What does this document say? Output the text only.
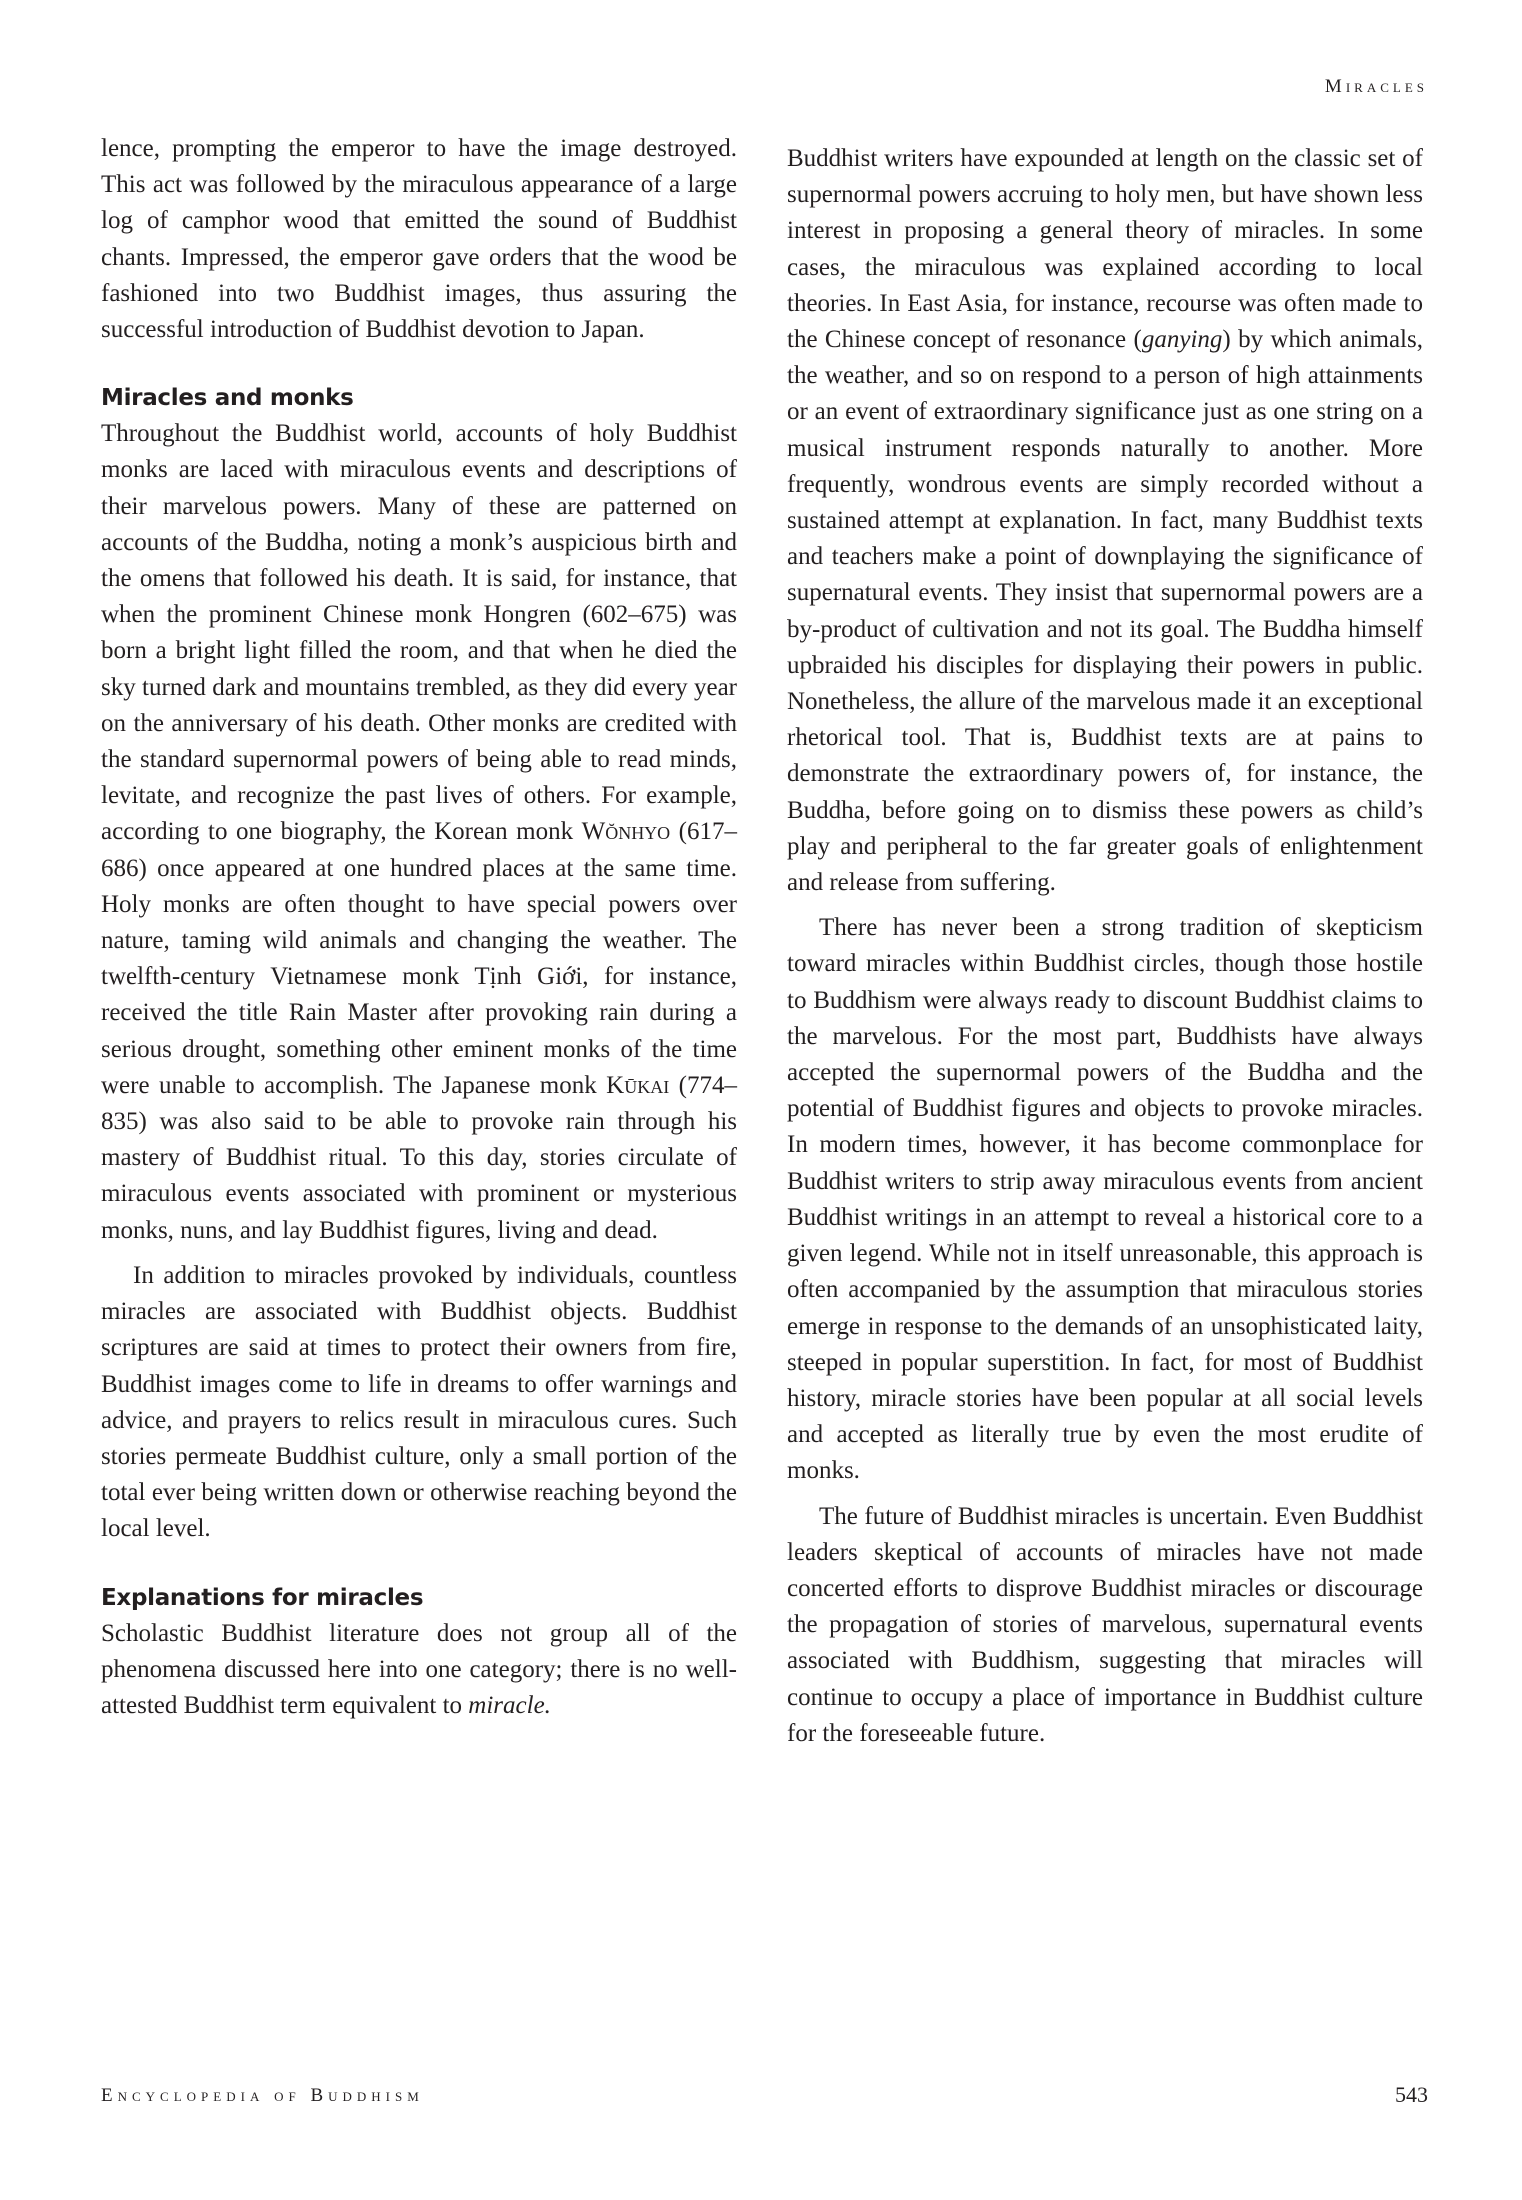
Miracles

lence, prompting the emperor to have the image destroyed. This act was followed by the miraculous appearance of a large log of camphor wood that emitted the sound of Buddhist chants. Impressed, the emperor gave orders that the wood be fashioned into two Buddhist images, thus assuring the successful introduction of Buddhist devotion to Japan.

Miracles and monks

Throughout the Buddhist world, accounts of holy Buddhist monks are laced with miraculous events and descriptions of their marvelous powers. Many of these are patterned on accounts of the Buddha, noting a monk’s auspicious birth and the omens that followed his death. It is said, for instance, that when the prominent Chinese monk Hongren (602–675) was born a bright light filled the room, and that when he died the sky turned dark and mountains trembled, as they did every year on the anniversary of his death. Other monks are credited with the standard supernormal powers of being able to read minds, levitate, and recognize the past lives of others. For example, according to one biography, the Korean monk Wŏnhyo (617–686) once appeared at one hundred places at the same time. Holy monks are often thought to have special powers over nature, taming wild animals and changing the weather. The twelfth-century Vietnamese monk Tịnh Giới, for instance, received the title Rain Master after provoking rain during a serious drought, something other eminent monks of the time were unable to accomplish. The Japanese monk Kūkai (774–835) was also said to be able to provoke rain through his mastery of Buddhist ritual. To this day, stories circulate of miraculous events associated with prominent or mysterious monks, nuns, and lay Buddhist figures, living and dead.

In addition to miracles provoked by individuals, countless miracles are associated with Buddhist objects. Buddhist scriptures are said at times to protect their owners from fire, Buddhist images come to life in dreams to offer warnings and advice, and prayers to relics result in miraculous cures. Such stories permeate Buddhist culture, only a small portion of the total ever being written down or otherwise reaching beyond the local level.

Explanations for miracles

Scholastic Buddhist literature does not group all of the phenomena discussed here into one category; there is no well-attested Buddhist term equivalent to miracle.

Buddhist writers have expounded at length on the classic set of supernormal powers accruing to holy men, but have shown less interest in proposing a general theory of miracles. In some cases, the miraculous was explained according to local theories. In East Asia, for instance, recourse was often made to the Chinese concept of resonance (ganying) by which animals, the weather, and so on respond to a person of high attainments or an event of extraordinary significance just as one string on a musical instrument responds naturally to another. More frequently, wondrous events are simply recorded without a sustained attempt at explanation. In fact, many Buddhist texts and teachers make a point of downplaying the significance of supernatural events. They insist that supernormal powers are a by-product of cultivation and not its goal. The Buddha himself upbraided his disciples for displaying their powers in public. Nonetheless, the allure of the marvelous made it an exceptional rhetorical tool. That is, Buddhist texts are at pains to demonstrate the extraordinary powers of, for instance, the Buddha, before going on to dismiss these powers as child’s play and peripheral to the far greater goals of enlightenment and release from suffering.

There has never been a strong tradition of skepticism toward miracles within Buddhist circles, though those hostile to Buddhism were always ready to discount Buddhist claims to the marvelous. For the most part, Buddhists have always accepted the supernormal powers of the Buddha and the potential of Buddhist figures and objects to provoke miracles. In modern times, however, it has become commonplace for Buddhist writers to strip away miraculous events from ancient Buddhist writings in an attempt to reveal a historical core to a given legend. While not in itself unreasonable, this approach is often accompanied by the assumption that miraculous stories emerge in response to the demands of an unsophisticated laity, steeped in popular superstition. In fact, for most of Buddhist history, miracle stories have been popular at all social levels and accepted as literally true by even the most erudite of monks.

The future of Buddhist miracles is uncertain. Even Buddhist leaders skeptical of accounts of miracles have not made concerted efforts to disprove Buddhist miracles or discourage the propagation of stories of marvelous, supernatural events associated with Buddhism, suggesting that miracles will continue to occupy a place of importance in Buddhist culture for the foreseeable future.

Encyclopedia of Buddhism	543
